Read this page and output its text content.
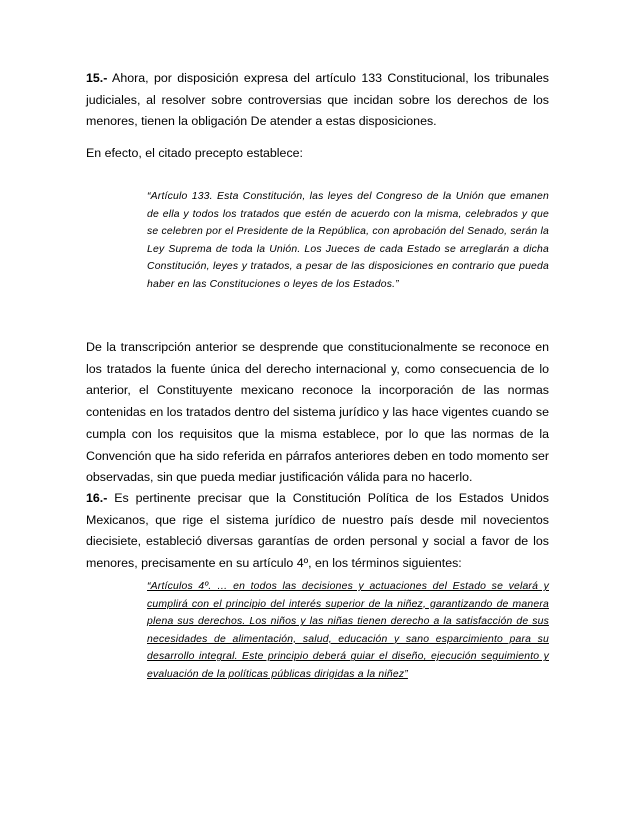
15.- Ahora, por disposición expresa del artículo 133 Constitucional, los tribunales judiciales, al resolver sobre controversias que incidan sobre los derechos de los menores, tienen la obligación De atender a estas disposiciones.

En efecto, el citado precepto establece:

“Artículo 133. Esta Constitución, las leyes del Congreso de la Unión que emanen de ella y todos los tratados que estén de acuerdo con la misma, celebrados y que se celebren por el Presidente de la República, con aprobación del Senado, serán la Ley Suprema de toda la Unión. Los Jueces de cada Estado se arreglarán a dicha Constitución, leyes y tratados, a pesar de las disposiciones en contrario que pueda haber en las Constituciones o leyes de los Estados.”

De la transcripción anterior se desprende que constitucionalmente se reconoce en los tratados la fuente única del derecho internacional y, como consecuencia de lo anterior, el Constituyente mexicano reconoce la incorporación de las normas contenidas en los tratados dentro del sistema jurídico y las hace vigentes cuando se cumpla con los requisitos que la misma establece, por lo que las normas de la Convención que ha sido referida en párrafos anteriores deben en todo momento ser observadas, sin que pueda mediar justificación válida para no hacerlo.

16.- Es pertinente precisar que la Constitución Política de los Estados Unidos Mexicanos, que rige el sistema jurídico de nuestro país desde mil novecientos diecisiete, estableció diversas garantías de orden personal y social a favor de los menores, precisamente en su artículo 4º, en los términos siguientes:

“Artículos 4º. … en todos las decisiones y actuaciones del Estado se velará y cumplirá con el principio del interés superior de la niñez, garantizando de manera plena sus derechos. Los niños y las niñas tienen derecho a la satisfacción de sus necesidades de alimentación, salud, educación y sano esparcimiento para su desarrollo integral. Este principio deberá guiar el diseño, ejecución seguimiento y evaluación de la políticas públicas dirigidas a la niñez”
